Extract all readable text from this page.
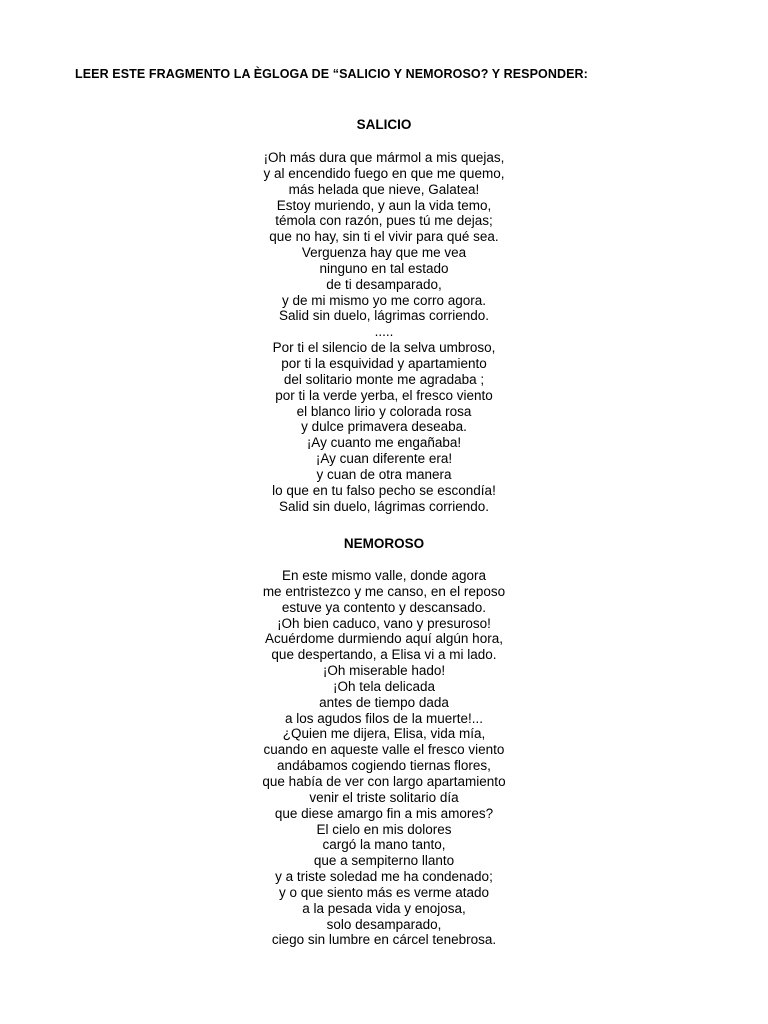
LEER ESTE FRAGMENTO LA ÈGLOGA DE “SALICIO Y NEMOROSO? Y RESPONDER:

SALICIO
¡Oh más dura que mármol a mis quejas,
y al encendido fuego en que me quemo,
más helada que nieve, Galatea!
Estoy muriendo, y aun la vida temo,
témola con razón, pues tú me dejas;
que no hay, sin ti el vivir para qué sea.
Verguenza hay que me vea
ninguno en tal estado
de ti desamparado,
y de mi mismo yo me corro agora.
Salid sin duelo, lágrimas corriendo.
.....
Por ti el silencio de la selva umbroso,
por ti la esquividad y apartamiento
del solitario monte me agradaba ;
por ti la verde yerba, el fresco viento
el blanco lirio y colorada rosa
y dulce primavera deseaba.
¡Ay cuanto me engañaba!
¡Ay cuan diferente era!
y cuan de otra manera
lo que en tu falso pecho se escondía!
Salid sin duelo, lágrimas corriendo.
NEMOROSO
En este mismo valle, donde agora
me entristezco y me canso, en el reposo
estuve ya contento y descansado.
¡Oh bien caduco, vano y presuroso!
Acuérdome durmiendo aquí algún hora,
que despertando, a Elisa vi a mi lado.
¡Oh miserable hado!
¡Oh tela delicada
antes de tiempo dada
a los agudos filos de la muerte!...
¿Quien me dijera, Elisa, vida mía,
cuando en aqueste valle el fresco viento
andábamos cogiendo tiernas flores,
que había de ver con largo apartamiento
venir el triste solitario día
que diese amargo fin a mis amores?
El cielo en mis dolores
cargó la mano tanto,
que a sempiterno llanto
y a triste soledad me ha condenado;
y o que siento más es verme atado
a la pesada vida y enojosa,
solo desamparado,
ciego sin lumbre en cárcel tenebrosa.
